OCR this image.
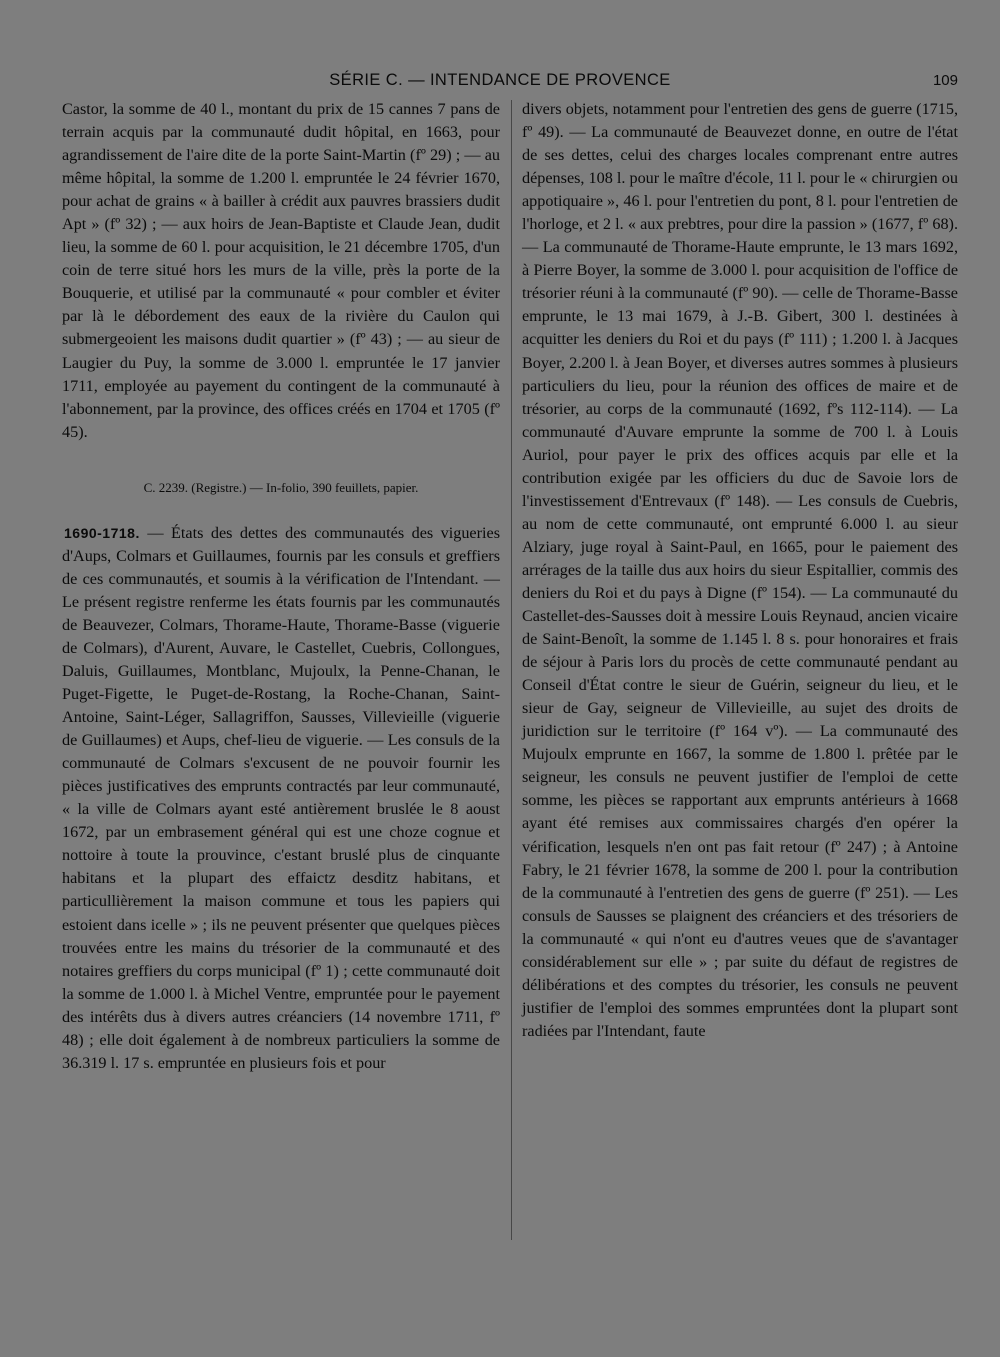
SÉRIE C. — INTENDANCE DE PROVENCE	109

Castor, la somme de 40 l., montant du prix de 15 cannes 7 pans de terrain acquis par la communauté dudit hôpital, en 1663, pour agrandissement de l'aire dite de la porte Saint-Martin (fº 29) ; — au même hôpital, la somme de 1.200 l. empruntée le 24 février 1670, pour achat de grains « à bailler à crédit aux pauvres brassiers dudit Apt » (fº 32) ; — aux hoirs de Jean-Baptiste et Claude Jean, dudit lieu, la somme de 60 l. pour acquisition, le 21 décembre 1705, d'un coin de terre situé hors les murs de la ville, près la porte de la Bouquerie, et utilisé par la communauté « pour combler et éviter par là le débordement des eaux de la rivière du Caulon qui submergeoient les maisons dudit quartier » (fº 43) ; — au sieur de Laugier du Puy, la somme de 3.000 l. empruntée le 17 janvier 1711, employée au payement du contingent de la communauté à l'abonnement, par la province, des offices créés en 1704 et 1705 (fº 45).

C. 2239. (Registre.) — In-folio, 390 feuillets, papier.

1690-1718. — États des dettes des communautés des vigueries d'Aups, Colmars et Guillaumes, fournis par les consuls et greffiers de ces communautés, et soumis à la vérification de l'Intendant. — Le présent registre renferme les états fournis par les communautés de Beauvezer, Colmars, Thorame-Haute, Thorame-Basse (viguerie de Colmars), d'Aurent, Auvare, le Castellet, Cuebris, Collongues, Daluis, Guillaumes, Montblanc, Mujoulx, la Penne-Chanan, le Puget-Figette, le Puget-de-Rostang, la Roche-Chanan, Saint-Antoine, Saint-Léger, Sallagriffon, Sausses, Villevieille (viguerie de Guillaumes) et Aups, chef-lieu de viguerie. — Les consuls de la communauté de Colmars s'excusent de ne pouvoir fournir les pièces justificatives des emprunts contractés par leur communauté, « la ville de Colmars ayant esté antièrement bruslée le 8 aoust 1672, par un embrasement général qui est une choze cognue et nottoire à toute la prouvince, c'estant bruslé plus de cinquante habitans et la plupart des effaictz desditz habitans, et particullièrement la maison commune et tous les papiers qui estoient dans icelle » ; ils ne peuvent présenter que quelques pièces trouvées entre les mains du trésorier de la communauté et des notaires greffiers du corps municipal (fº 1) ; cette communauté doit la somme de 1.000 l. à Michel Ventre, empruntée pour le payement des intérêts dus à divers autres créanciers (14 novembre 1711, fº 48) ; elle doit également à de nombreux particuliers la somme de 36.319 l. 17 s. empruntée en plusieurs fois et pour

divers objets, notamment pour l'entretien des gens de guerre (1715, fº 49). — La communauté de Beauvezet donne, en outre de l'état de ses dettes, celui des charges locales comprenant entre autres dépenses, 108 l. pour le maître d'école, 11 l. pour le « chirurgien ou appotiquaire », 46 l. pour l'entretien du pont, 8 l. pour l'entretien de l'horloge, et 2 l. « aux prebtres, pour dire la passion » (1677, fº 68). — La communauté de Thorame-Haute emprunte, le 13 mars 1692, à Pierre Boyer, la somme de 3.000 l. pour acquisition de l'office de trésorier réuni à la communauté (fº 90). — celle de Thorame-Basse emprunte, le 13 mai 1679, à J.-B. Gibert, 300 l. destinées à acquitter les deniers du Roi et du pays (fº 111) ; 1.200 l. à Jacques Boyer, 2.200 l. à Jean Boyer, et diverses autres sommes à plusieurs particuliers du lieu, pour la réunion des offices de maire et de trésorier, au corps de la communauté (1692, fºs 112-114). — La communauté d'Auvare emprunte la somme de 700 l. à Louis Auriol, pour payer le prix des offices acquis par elle et la contribution exigée par les officiers du duc de Savoie lors de l'investissement d'Entrevaux (fº 148). — Les consuls de Cuebris, au nom de cette communauté, ont emprunté 6.000 l. au sieur Alziary, juge royal à Saint-Paul, en 1665, pour le paiement des arrérages de la taille dus aux hoirs du sieur Espitallier, commis des deniers du Roi et du pays à Digne (fº 154). — La communauté du Castellet-des-Sausses doit à messire Louis Reynaud, ancien vicaire de Saint-Benoît, la somme de 1.145 l. 8 s. pour honoraires et frais de séjour à Paris lors du procès de cette communauté pendant au Conseil d'État contre le sieur de Guérin, seigneur du lieu, et le sieur de Gay, seigneur de Villevieille, au sujet des droits de juridiction sur le territoire (fº 164 vº). — La communauté des Mujoulx emprunte en 1667, la somme de 1.800 l. prêtée par le seigneur, les consuls ne peuvent justifier de l'emploi de cette somme, les pièces se rapportant aux emprunts antérieurs à 1668 ayant été remises aux commissaires chargés d'en opérer la vérification, lesquels n'en ont pas fait retour (fº 247) ; à Antoine Fabry, le 21 février 1678, la somme de 200 l. pour la contribution de la communauté à l'entretien des gens de guerre (fº 251). — Les consuls de Sausses se plaignent des créanciers et des trésoriers de la communauté « qui n'ont eu d'autres veues que de s'avantager considérablement sur elle » ; par suite du défaut de registres de délibérations et des comptes du trésorier, les consuls ne peuvent justifier de l'emploi des sommes empruntées dont la plupart sont radiées par l'Intendant, faute
